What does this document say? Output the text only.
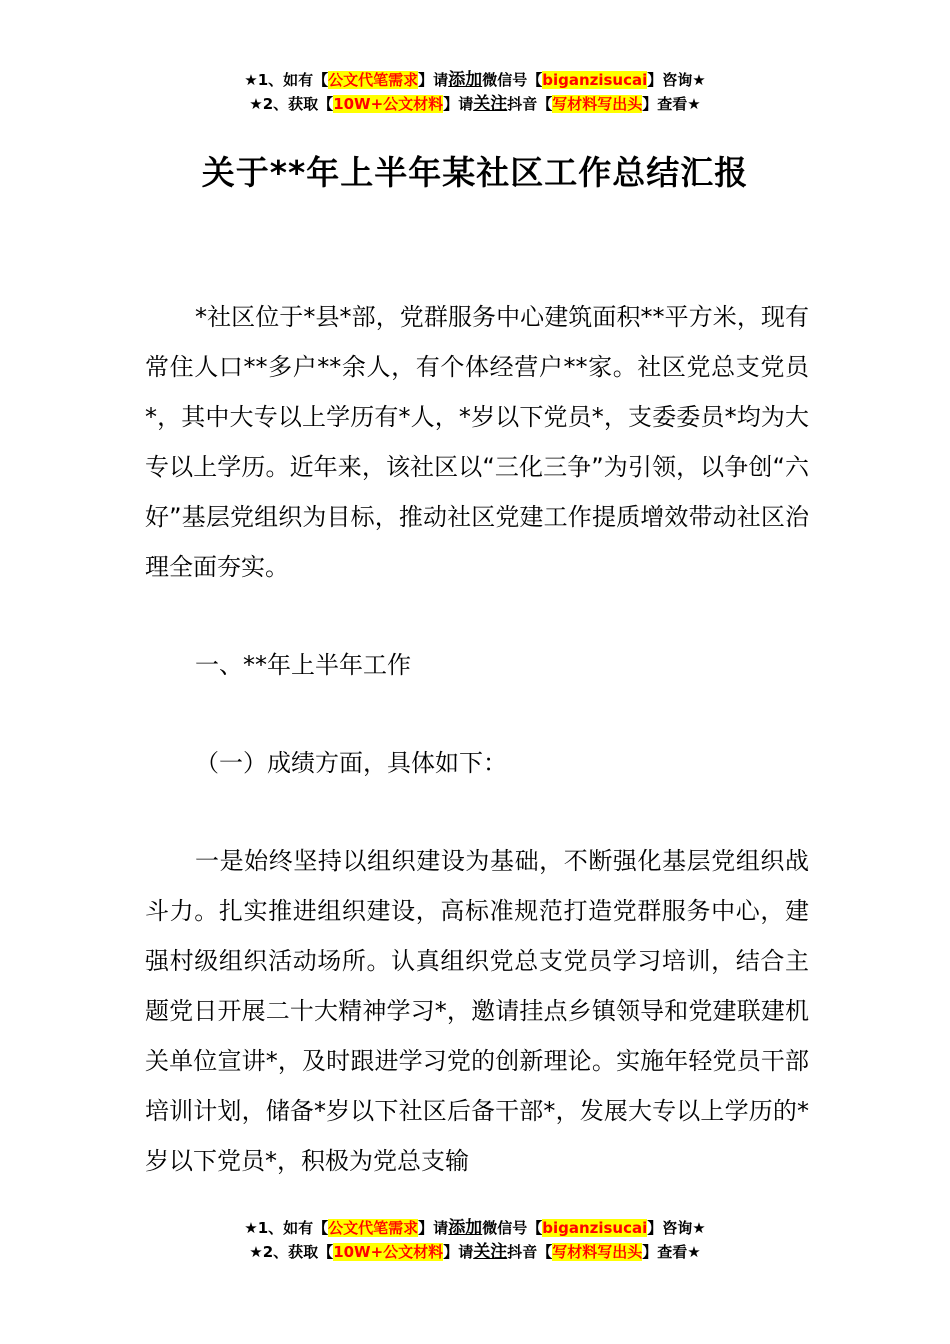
★1、如有【公文代笔需求】请添加微信号【biganzisucai】咨询★
★2、获取【10W+公文材料】请关注抖音【写材料写出头】查看★
关于**年上半年某社区工作总结汇报

*社区位于*县*部，党群服务中心建筑面积**平方米，现有常住人口**多户**余人，有个体经营户**家。社区党总支党员*，其中大专以上学历有*人，*岁以下党员*，支委委员*均为大专以上学历。近年来，该社区以“三化三争”为引领，以争创“六好”基层党组织为目标，推动社区党建工作提质增效带动社区治理全面夯实。

一、**年上半年工作

（一）成绩方面，具体如下：

一是始终坚持以组织建设为基础，不断强化基层党组织战斗力。扎实推进组织建设，高标准规范打造党群服务中心，建强村级组织活动场所。认真组织党总支党员学习培训，结合主题党日开展二十大精神学习*，邀请挂点乡镇领导和党建联建机关单位宣讲*，及时跟进学习党的创新理论。实施年轻党员干部培训计划，储备*岁以下社区后备干部*，发展大专以上学历的*岁以下党员*，积极为党总支输

★1、如有【公文代笔需求】请添加微信号【biganzisucai】咨询★
★2、获取【10W+公文材料】请关注抖音【写材料写出头】查看★
